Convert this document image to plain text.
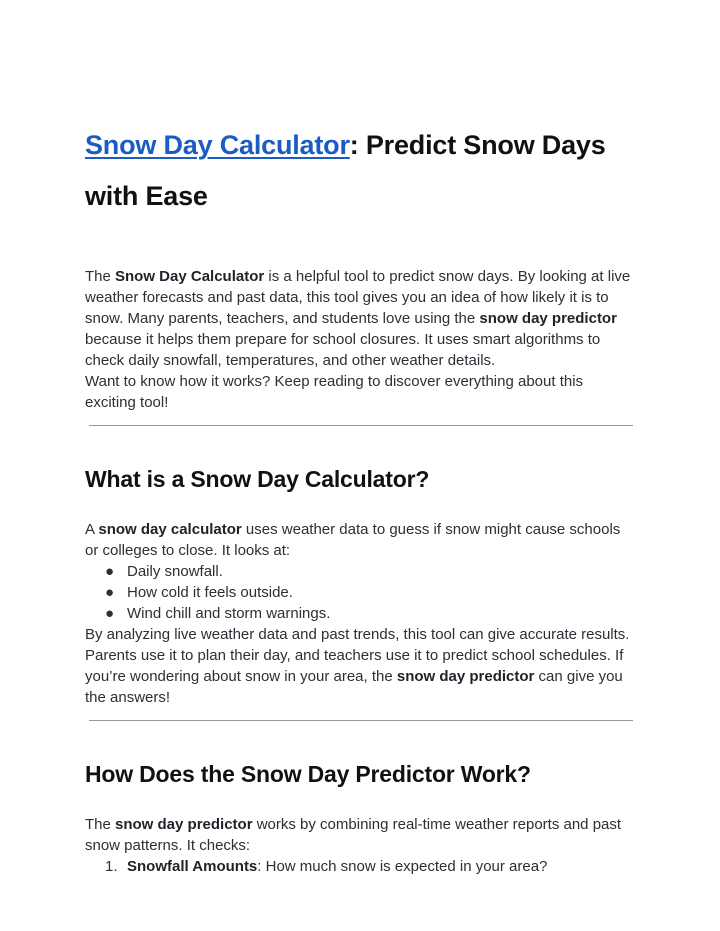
Snow Day Calculator: Predict Snow Days with Ease

The Snow Day Calculator is a helpful tool to predict snow days. By looking at live weather forecasts and past data, this tool gives you an idea of how likely it is to snow. Many parents, teachers, and students love using the snow day predictor because it helps them prepare for school closures. It uses smart algorithms to check daily snowfall, temperatures, and other weather details.

Want to know how it works? Keep reading to discover everything about this exciting tool!

What is a Snow Day Calculator?

A snow day calculator uses weather data to guess if snow might cause schools or colleges to close. It looks at:

● Daily snowfall.
● How cold it feels outside.
● Wind chill and storm warnings.

By analyzing live weather data and past trends, this tool can give accurate results. Parents use it to plan their day, and teachers use it to predict school schedules. If you’re wondering about snow in your area, the snow day predictor can give you the answers!

How Does the Snow Day Predictor Work?

The snow day predictor works by combining real-time weather reports and past snow patterns. It checks:

1. Snowfall Amounts: How much snow is expected in your area?
